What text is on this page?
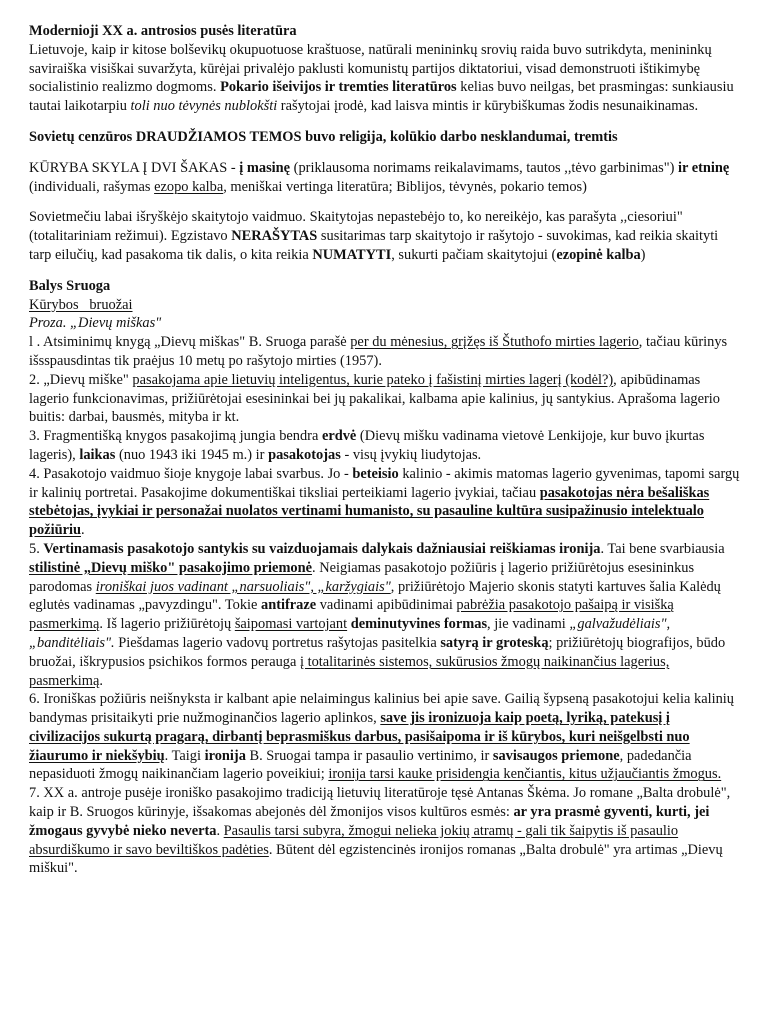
Modernioji XX a. antrosios pusės literatūra

Lietuvoje, kaip ir kitose bolševikų okupuotuose kraštuose, natūrali menininkų srovių raida buvo sutrikdyta, menininkų saviraiška visiškai suvaržyta, kūrėjai privalėjo paklusti komunistų partijos diktatoriui, visad demonstruoti ištikimybę socialistinio realizmo dogmoms. Pokario išeivijos ir tremties literatūros kelias buvo neilgas, bet prasmingas: sunkiausiu tautai laikotarpiu toli nuo tėvynės nublokšti rašytojai įrodė, kad laisva mintis ir kūrybiškumas žodis nesunaikinamas.

Sovietų cenzūros DRAUDŽIAMOS TEMOS buvo religija, kolūkio darbo nesklandumai, tremtis

KŪRYBA SKYLA Į DVI ŠAKAS - į masinę (priklausoma norimams reikalavimams, tautos ,,tėvo garbinimas") ir etninę (individuali, rašymas ezopo kalba, meniškai vertinga literatūra; Biblijos, tėvynės, pokario temos)

Sovietmečiu labai išryškėjo skaitytojo vaidmuo. Skaitytojas nepastebėjo to, ko nereikėjo, kas parašyta ,,ciesoriui" (totalitariniam režimui). Egzistavo NERAŠYTAS susitarimas tarp skaitytojo ir rašytojo - suvokimas, kad reikia skaityti tarp eilučių, kad pasakoma tik dalis, o kita reikia NUMATYTI, sukurti pačiam skaitytojui (ezopinė kalba)

Balys Sruoga

Kūrybos   bruožai

Proza. „Dievų miškas"

l . Atsiminimų knygą „Dievų miškas" B. Sruoga parašė per du mėnesius, grįžęs iš Štuthofo mirties lagerio, tačiau kūrinys išsspausdintas tik praėjus 10 metų po rašytojo mirties (1957).

2. „Dievų miške" pasakojama apie lietuvių inteligentus, kurie pateko į fašistinį mirties lagerį (kodėl?), apibūdinamas lagerio funkcionavimas, prižiūrėtojai esesininkai bei jų pakalikai, kalbama apie kalinius, jų santykius. Aprašoma lagerio buitis: darbai, bausmės, mityba ir kt.

3. Fragmentišką knygos pasakojimą jungia bendra erdvė (Dievų mišku vadinama vietovė Lenkijoje, kur buvo įkurtas lageris), laikas (nuo 1943 iki 1945 m.) ir pasakotojas - visų įvykių liudytojas.

4. Pasakotojo vaidmuo šioje knygoje labai svarbus. Jo - beteisio kalinio - akimis matomas lagerio gyvenimas, tapomi sargų ir kalinių portretai. Pasakojime dokumentiškai tiksliai perteikiami lagerio įvykiai, tačiau pasakotojas nėra bešališkas stebėtojas, įvykiai ir personažai nuolatos vertinami humanisto, su pasauline kultūra susipažinusio intelektualo požiūriu.

5. Vertinamasis pasakotojo santykis su vaizduojamais dalykais dažniausiai reiškiamas ironija. Tai bene svarbiausia stilistinė „Dievų miško" pasakojimo priemonė. Neigiamas pasakotojo požiūris į lagerio prižiūrėtojus esesininkus parodomas ironiškai juos vadinant „narsuoliais", „karžygiais", prižiūrėtojo Majerio skonis statyti kartuves šalia Kalėdų eglutės vadinamas „pavyzdingu". Tokie antifraze vadinami apibūdinimai pabrėžia pasakotojo pašaipą ir visišką pasmerkimą. Iš lagerio prižiūrėtojų šaipomasi vartojant deminutyvines formas, jie vadinami „galvažudėliais", „banditėliais". Piešdamas lagerio vadovų portretus rašytojas pasitelkia satyrą ir groteską; prižiūrėtojų biografijos, būdo bruožai, iškrypusios psichikos formos perauga į totalitarinės sistemos, sukūrusios žmogų naikinančius lagerius, pasmerkimą.

6. Ironiškas požiūris neišnyksta ir kalbant apie nelaimingus kalinius bei apie save. Gailią šypseną pasakotojui kelia kalinių bandymas prisitaikyti prie nužmoginančios lagerio aplinkos, save jis ironizuoja kaip poetą, lyriką, patekusį į civilizacijos sukurtą pragarą, dirbantį beprasmiškus darbus, pasišaipoma ir iš kūrybos, kuri neišgelbsti nuo žiaurumo ir niekšybių. Taigi ironija B. Sruogai tampa ir pasaulio vertinimo, ir savisaugos priemone, padedančia nepasiduoti žmogų naikinančiam lagerio poveikiui; ironija tarsi kauke prisidengia kenčiantis, kitus užjaučiantis žmogus.

7. XX a. antroje pusėje ironiško pasakojimo tradiciją lietuvių literatūroje tęsė Antanas Škėma. Jo romane „Balta drobulė", kaip ir B. Sruogos kūrinyje, išsakomas abejonės dėl žmonijos visos kultūros esmės: ar yra prasmė gyventi, kurti, jei žmogaus gyvybė nieko neverta. Pasaulis tarsi subyra, žmogui nelieka jokių atramų - gali tik šaipytis iš pasaulio absurdiškumo ir savo beviltiškos padėties. Būtent dėl egzistencinės ironijos romanas „Balta drobulė" yra artimas „Dievų miškui".
